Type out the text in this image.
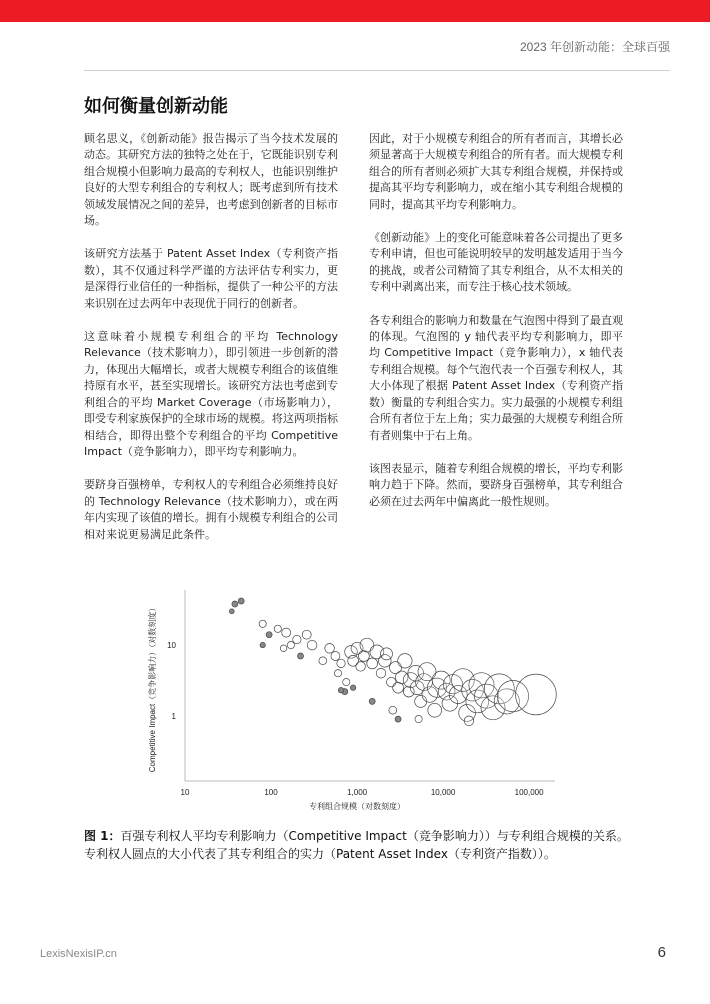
2023 年创新动能：全球百强
如何衡量创新动能

顾名思义，《创新动能》报告揭示了当今技术发展的动态。其研究方法的独特之处在于，它既能识别专利组合规模小但影响力最高的专利权人，也能识别维护良好的大型专利组合的专利权人；既考虑到所有技术领域发展情况之间的差异，也考虑到创新者的目标市场。

该研究方法基于 Patent Asset Index（专利资产指数），其不仅通过科学严谨的方法评估专利实力，更是深得行业信任的一种指标，提供了一种公平的方法来识别在过去两年中表现优于同行的创新者。

这意味着小规模专利组合的平均 Technology Relevance（技术影响力），即引领进一步创新的潜力，体现出大幅增长，或者大规模专利组合的该值维持原有水平，甚至实现增长。该研究方法也考虑到专利组合的平均 Market Coverage（市场影响力），即受专利家族保护的全球市场的规模。将这两项指标相结合，即得出整个专利组合的平均 Competitive Impact（竞争影响力），即平均专利影响力。

要跻身百强榜单，专利权人的专利组合必须维持良好的 Technology Relevance（技术影响力），或在两年内实现了该值的增长。拥有小规模专利组合的公司相对来说更易满足此条件。

因此，对于小规模专利组合的所有者而言，其增长必须显著高于大规模专利组合的所有者。而大规模专利组合的所有者则必须扩大其专利组合规模，并保持或提高其平均专利影响力，或在缩小其专利组合规模的同时，提高其平均专利影响力。

《创新动能》上的变化可能意味着各公司提出了更多专利申请，但也可能说明较早的发明越发适用于当今的挑战，或者公司精简了其专利组合，从不太相关的专利中剥离出来，而专注于核心技术领域。

各专利组合的影响力和数量在气泡图中得到了最直观的体现。气泡图的 y 轴代表平均专利影响力，即平均 Competitive Impact（竞争影响力），x 轴代表专利组合规模。每个气泡代表一个百强专利权人，其大小体现了根据 Patent Asset Index（专利资产指数）衡量的专利组合实力。实力最强的小规模专利组合所有者位于左上角；实力最强的大规模专利组合所有者则集中于右上角。

该图表显示，随着专利组合规模的增长，平均专利影响力趋于下降。然而，要跻身百强榜单，其专利组合必须在过去两年中偏离此一般性规则。

10	100	1,000	10,000	100,000
10
1
专利组合规模（对数刻度）
Competitive Impact（竞争影响力）（对数刻度）
图 1：百强专利权人平均专利影响力（Competitive Impact（竞争影响力））与专利组合规模的关系。专利权人圆点的大小代表了其专利组合的实力（Patent Asset Index（专利资产指数））。
LexisNexisIP.cn	6
